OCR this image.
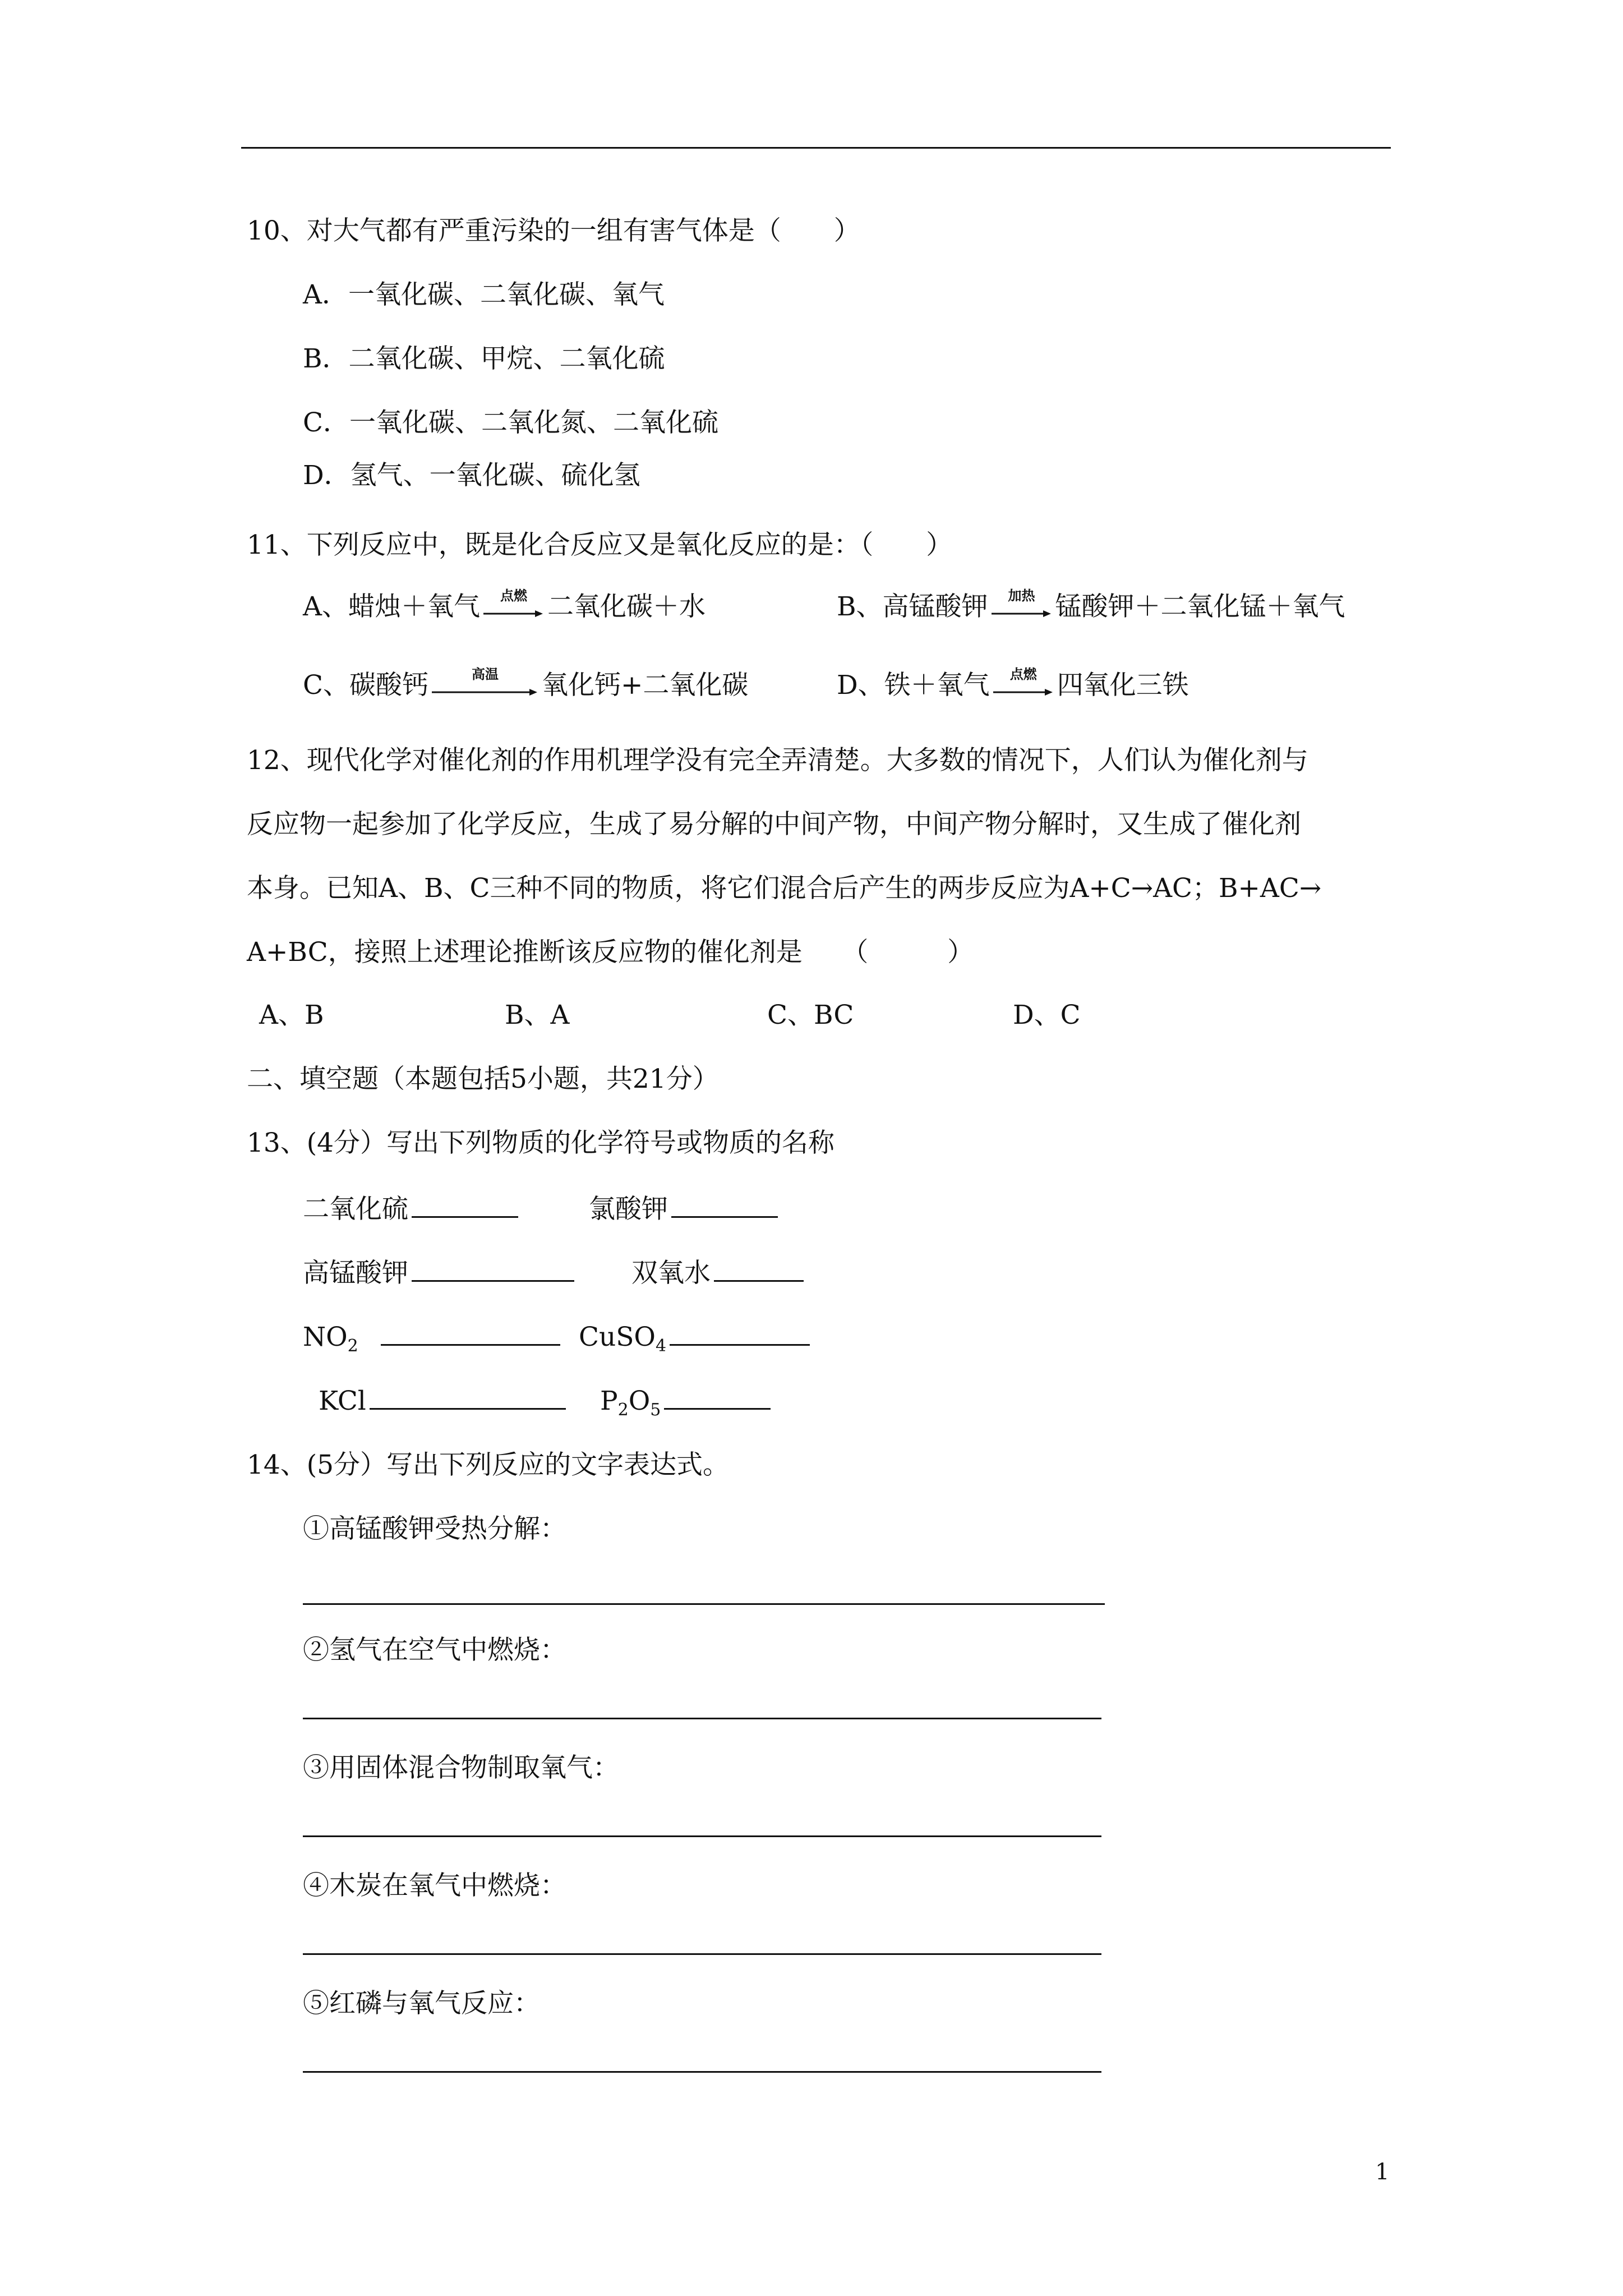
10、对大气都有严重污染的一组有害气体是（　　）
A．一氧化碳、二氧化碳、氧气
B．二氧化碳、甲烷、二氧化硫
C．一氧化碳、二氧化氮、二氧化硫
D．氢气、一氧化碳、硫化氢
11、下列反应中，既是化合反应又是氧化反应的是：（　　）
A、蜡烛＋氧气	点燃 二氧化碳＋水	B、高锰酸钾	加热 锰酸钾＋二氧化锰＋氧气
C、碳酸钙	高温	氧化钙+二氧化碳	D、铁＋氧气	点燃 四氧化三铁
12、现代化学对催化剂的作用机理学没有完全弄清楚。大多数的情况下，人们认为催化剂与
反应物一起参加了化学反应，生成了易分解的中间产物，中间产物分解时，又生成了催化剂
本身。已知A、B、C三种不同的物质，将它们混合后产生的两步反应为A+C→AC；B+AC→
A+BC，接照上述理论推断该反应物的催化剂是　　（　　　）
A、B	B、A	C、BC	D、C
二、填空题（本题包括5小题，共21分）
13、(4分）写出下列物质的化学符号或物质的名称
二氧化硫	氯酸钾
高锰酸钾	双氧水
$NO_2$	CuSO$_4$
KCl	$P_2O_5$
14、(5分）写出下列反应的文字表达式。
①高锰酸钾受热分解：
②氢气在空气中燃烧：
③用固体混合物制取氧气：
④木炭在氧气中燃烧：
⑤红磷与氧气反应：
1
